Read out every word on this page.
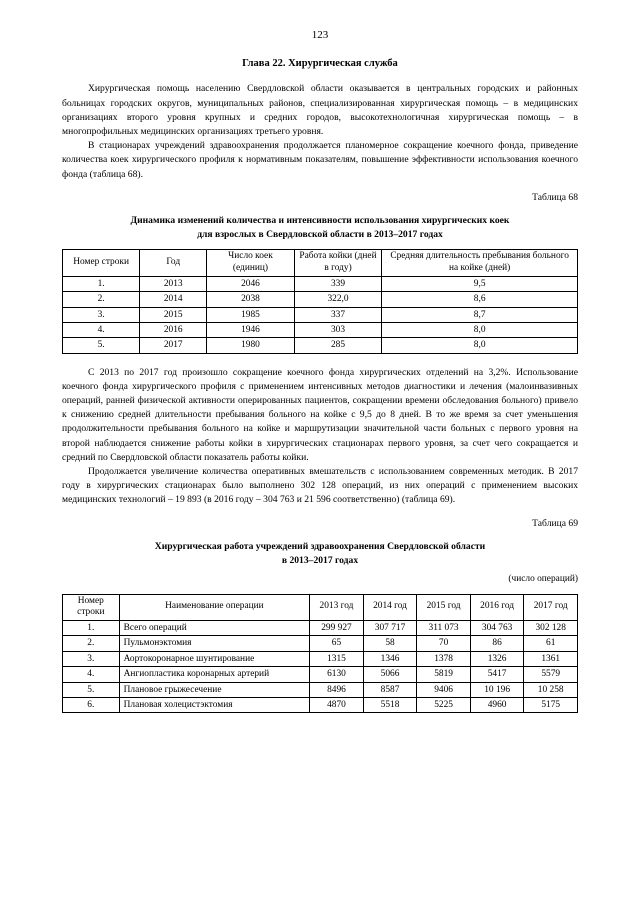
123
Глава 22. Хирургическая служба

Хирургическая помощь населению Свердловской области оказывается в центральных городских и районных больницах городских округов, муниципальных районов, специализированная хирургическая помощь – в медицинских организациях второго уровня крупных и средних городов, высокотехнологичная хирургическая помощь – в многопрофильных медицинских организациях третьего уровня.

В стационарах учреждений здравоохранения продолжается планомерное сокращение коечного фонда, приведение количества коек хирургического профиля к нормативным показателям, повышение эффективности использования коечного фонда (таблица 68).

Таблица 68
Динамика изменений количества и интенсивности использования хирургических коек
для взрослых в Свердловской области в 2013–2017 годах
Номер строки	Год	Число коек (единиц)	Работа койки (дней в году)	Средняя длительность пребывания больного на койке (дней)
1.	2013	2046	339	9,5
2.	2014	2038	322,0	8,6
3.	2015	1985	337	8,7
4.	2016	1946	303	8,0
5.	2017	1980	285	8,0

С 2013 по 2017 год произошло сокращение коечного фонда хирургических отделений на 3,2%. Использование коечного фонда хирургического профиля с применением интенсивных методов диагностики и лечения (малоинвазивных операций, ранней физической активности оперированных пациентов, сокращении времени обследования больного) привело к снижению средней длительности пребывания больного на койке с 9,5 до 8 дней. В то же время за счет уменьшения продолжительности пребывания больного на койке и маршрутизации значительной части больных с первого уровня на второй наблюдается снижение работы койки в хирургических стационарах первого уровня, за счет чего сокращается и средний по Свердловской области показатель работы койки.

Продолжается увеличение количества оперативных вмешательств с использованием современных методик. В 2017 году в хирургических стационарах было выполнено 302 128 операций, из них операций с применением высоких медицинских технологий – 19 893 (в 2016 году – 304 763 и 21 596 соответственно) (таблица 69).

Таблица 69
Хирургическая работа учреждений здравоохранения Свердловской области
в 2013–2017 годах
(число операций)
Номер строки	Наименование операции	2013 год	2014 год	2015 год	2016 год	2017 год
1.	Всего операций	299 927	307 717	311 073	304 763	302 128
2.	Пульмонэктомия	65	58	70	86	61
3.	Аортокоронарное шунтирование	1315	1346	1378	1326	1361
4.	Ангиопластика коронарных артерий	6130	5066	5819	5417	5579
5.	Плановое грыжесечение	8496	8587	9406	10 196	10 258
6.	Плановая холецистэктомия	4870	5518	5225	4960	5175
